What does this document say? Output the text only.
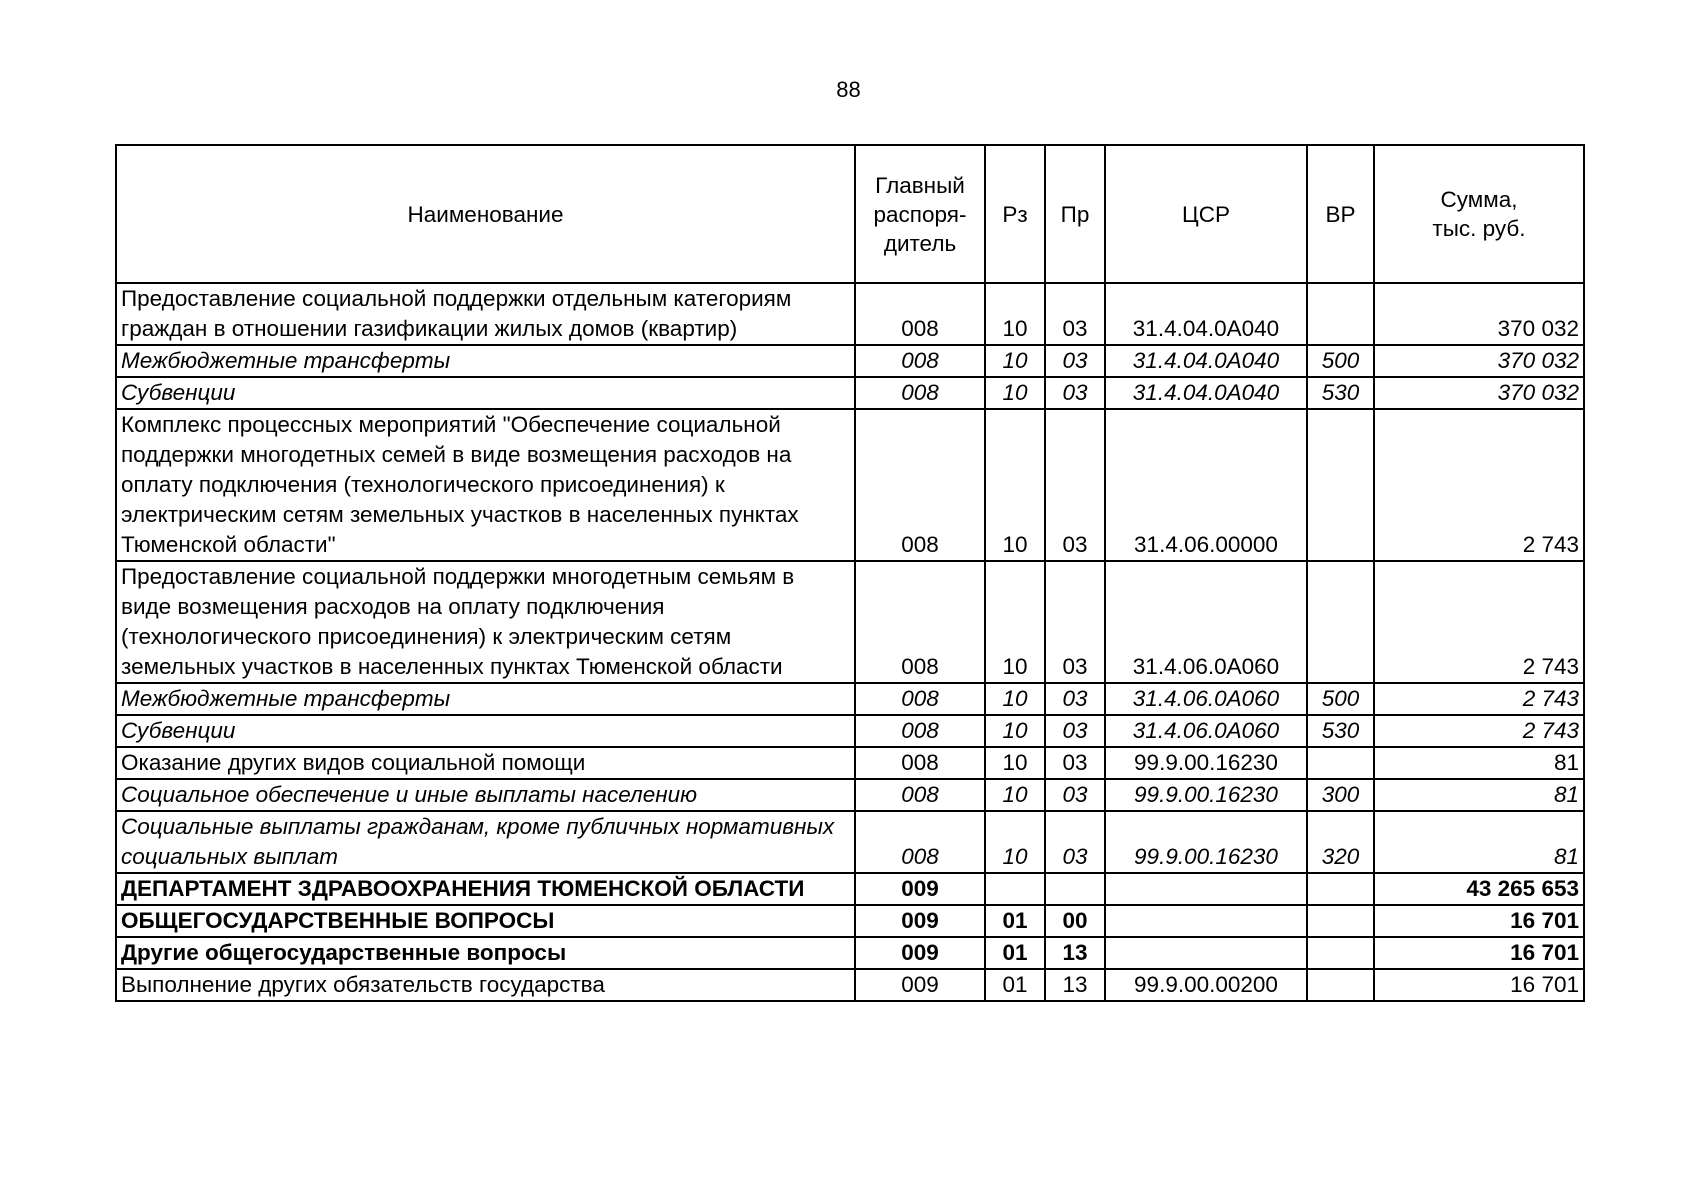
88
Наименование	Главный
распоря-
дитель	Рз	Пр	ЦСР	ВР	Сумма,
тыс. руб.
Предоставление социальной поддержки отдельным категориям граждан в отношении газификации жилых домов (квартир)	008	10	03	31.4.04.0А040		370 032
Межбюджетные трансферты	008	10	03	31.4.04.0А040	500	370 032
Субвенции	008	10	03	31.4.04.0А040	530	370 032
Комплекс процессных мероприятий "Обеспечение социальной поддержки многодетных семей в виде возмещения расходов на оплату подключения (технологического присоединения) к электрическим сетям земельных участков в населенных пунктах Тюменской области"	008	10	03	31.4.06.00000		2 743
Предоставление социальной поддержки многодетным семьям в виде возмещения расходов на оплату подключения (технологического присоединения) к электрическим сетям земельных участков в населенных пунктах Тюменской области	008	10	03	31.4.06.0А060		2 743
Межбюджетные трансферты	008	10	03	31.4.06.0А060	500	2 743
Субвенции	008	10	03	31.4.06.0А060	530	2 743
Оказание других видов социальной помощи	008	10	03	99.9.00.16230		81
Социальное обеспечение и иные выплаты населению	008	10	03	99.9.00.16230	300	81
Социальные выплаты гражданам, кроме публичных нормативных социальных выплат	008	10	03	99.9.00.16230	320	81
ДЕПАРТАМЕНТ ЗДРАВООХРАНЕНИЯ ТЮМЕНСКОЙ ОБЛАСТИ	009					43 265 653
ОБЩЕГОСУДАРСТВЕННЫЕ ВОПРОСЫ	009	01	00			16 701
Другие общегосударственные вопросы	009	01	13			16 701
Выполнение других обязательств государства	009	01	13	99.9.00.00200		16 701
